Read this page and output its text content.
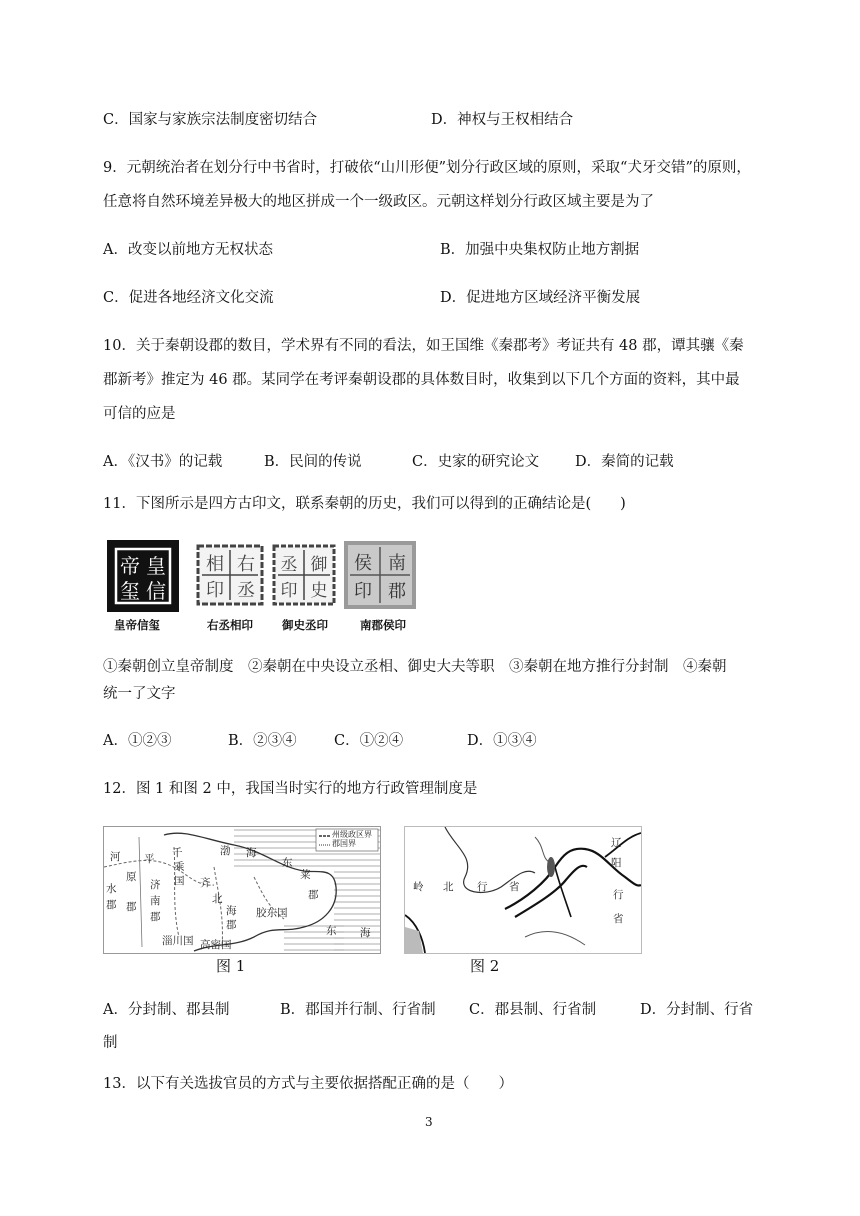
C．国家与家族宗法制度密切结合	D．神权与王权相结合
9．元朝统治者在划分行中书省时，打破依“山川形便”划分行政区域的原则，采取“犬牙交错”的原则，
任意将自然环境差异极大的地区拼成一个一级政区。元朝这样划分行政区域主要是为了
A．改变以前地方无权状态	B．加强中央集权防止地方割据
C．促进各地经济文化交流	D．促进地方区域经济平衡发展
10．关于秦朝设郡的数目，学术界有不同的看法，如王国维《秦郡考》考证共有 48 郡，谭其骧《秦
郡新考》推定为 46 郡。某同学在考评秦朝设郡的具体数目时，收集到以下几个方面的资料，其中最
可信的应是
A．《汉书》的记载	B．民间的传说	C．史家的研究论文 D．秦简的记载
11．下图所示是四方古印文，联系秦朝的历史，我们可以得到的正确结论是(　　)
帝 皇
玺 信
皇帝信玺
右
丞
相
印
右丞相印
御
史
丞
印
御史丞印
南
郡
侯
印
南郡侯印
①秦朝创立皇帝制度　②秦朝在中央设立丞相、御史大夫等职　③秦朝在地方推行分封制　④秦朝
统一了文字
A．①②③	B．②③④	C．①②④	D．①③④
12．图 1 和图 2 中，我国当时实行的地方行政管理制度是
州级政区界
郡国界
渤 海
东
莱
郡
千
乘
国
平
原
郡
济
南
郡
齐
北
海
郡
胶东国
淄川国 高密国
东 海
河
水
郡
图 1
岭 北 行 省
辽
阳
行
省
图 2
A．分封制、郡县制	B．郡国并行制、行省制 C．郡县制、行省制	D．分封制、行省
制
13．以下有关选拔官员的方式与主要依据搭配正确的是（　　）
3
